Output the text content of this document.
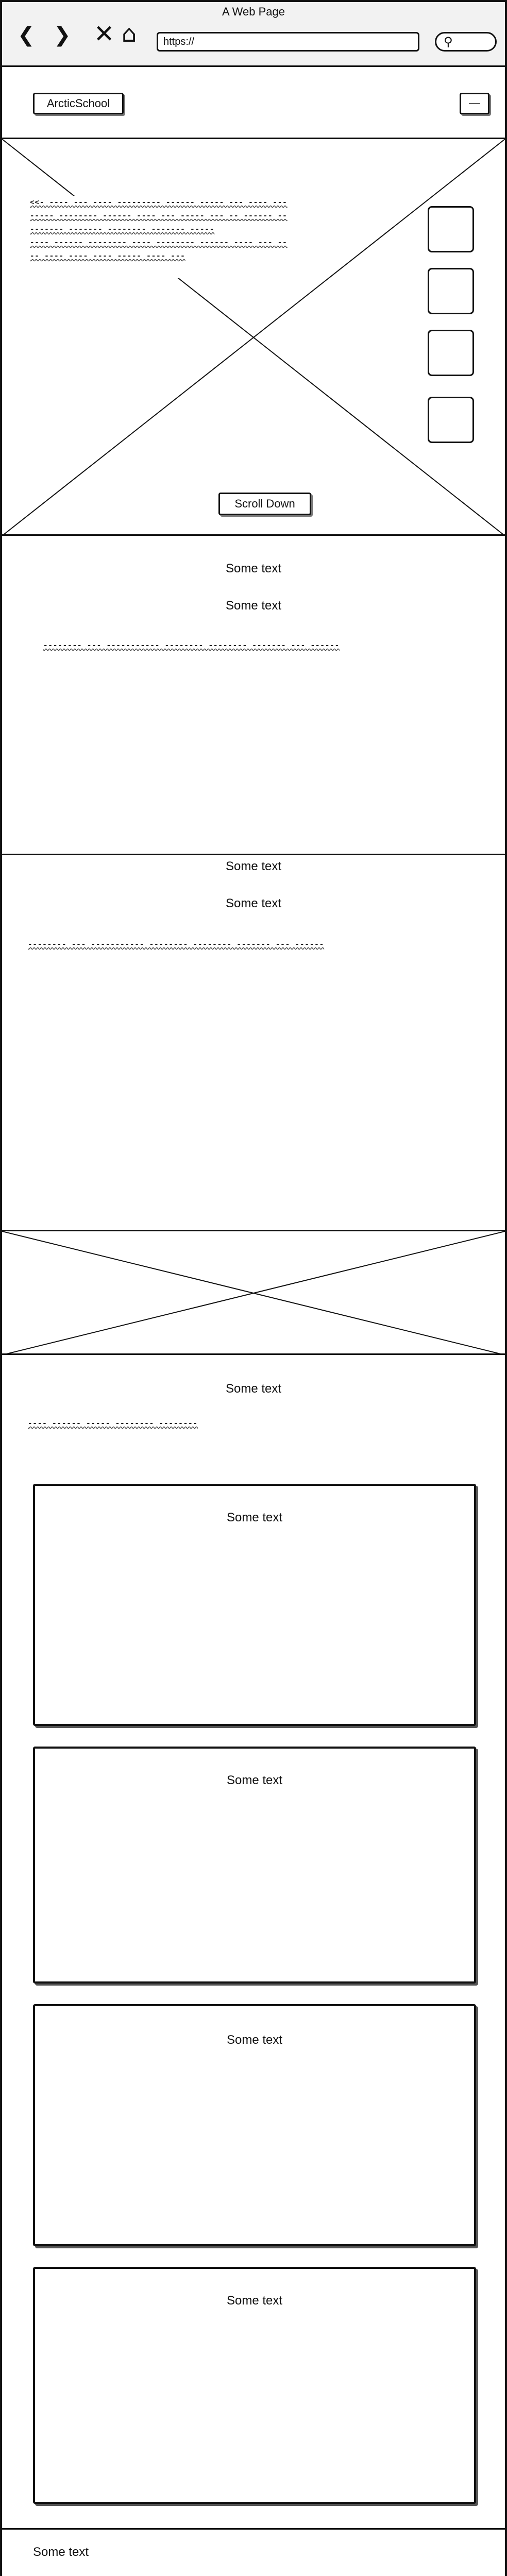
A Web Page
❮ ❯ ✕ ⌂	https://	⚲
ArcticSchool	—
<<- ---- --- ---- --------- ------ ----- --- ---- -------- -------- ------ ---- --- ----- --- -- ------ --------- ------- -------- ------- -----
---- ------ -------- ---- -------- ------ ---- --- ---- ---- ---- ---- ----- ---- ---
Scroll Down
Some text
Some text
-------- --- ----------- -------- -------- ------- --- ------
Some text
Some text
-------- --- ----------- -------- -------- ------- --- ------
Some text
---- ------ ----- -------- --------
Some text
Some text
Some text
Some text
Some text
